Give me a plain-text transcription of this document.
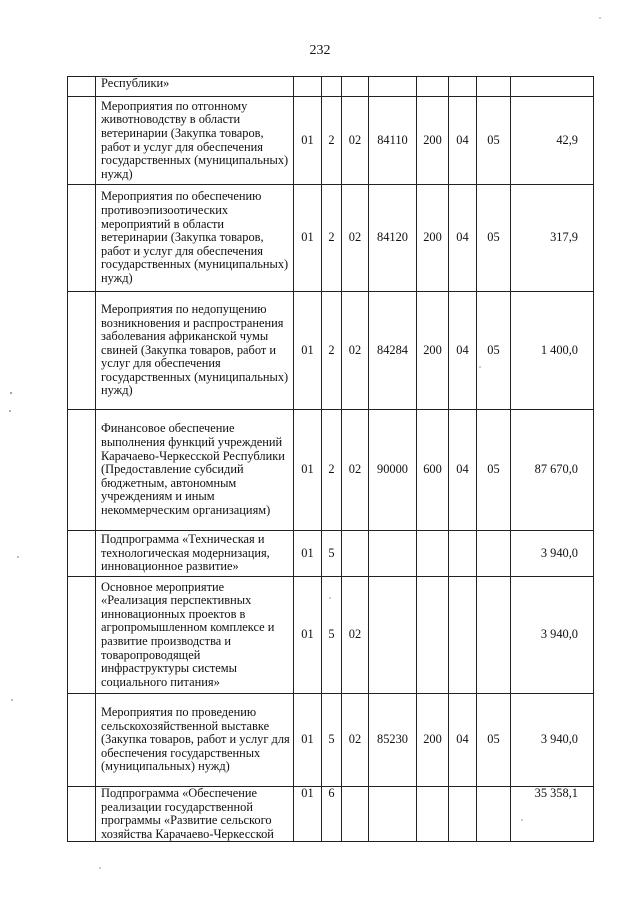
232
	Республики»								
	Мероприятия по отгонному животноводству в области ветеринарии (Закупка товаров, работ и услуг для обеспечения государственных (муниципальных) нужд)	01	2	02	84110	200	04	05	42,9
	Мероприятия по обеспечению противоэпизоотических мероприятий в области ветеринарии (Закупка товаров, работ и услуг для обеспечения государственных (муниципальных) нужд)	01	2	02	84120	200	04	05	317,9
	Мероприятия по недопущению возникновения и распространения заболевания африканской чумы свиней (Закупка товаров, работ и услуг для обеспечения государственных (муниципальных) нужд)	01	2	02	84284	200	04	05	1 400,0
	Финансовое обеспечение выполнения функций учреждений Карачаево-Черкесской Республики (Предоставление субсидий бюджетным, автономным учреждениям и иным некоммерческим организациям)	01	2	02	90000	600	04	05	87 670,0
	Подпрограмма «Техническая и технологическая модернизация, инновационное развитие»	01	5						3 940,0
	Основное мероприятие «Реализация перспективных инновационных проектов в агропромышленном комплексе и развитие производства и товаропроводящей инфраструктуры системы социального питания»	01	5	02					3 940,0
	Мероприятия по проведению сельскохозяйственной выставке (Закупка товаров, работ и услуг для обеспечения государственных (муниципальных) нужд)	01	5	02	85230	200	04	05	3 940,0
	Подпрограмма «Обеспечение реализации государственной программы «Развитие сельского хозяйства Карачаево-Черкесской	01	6						35 358,1
